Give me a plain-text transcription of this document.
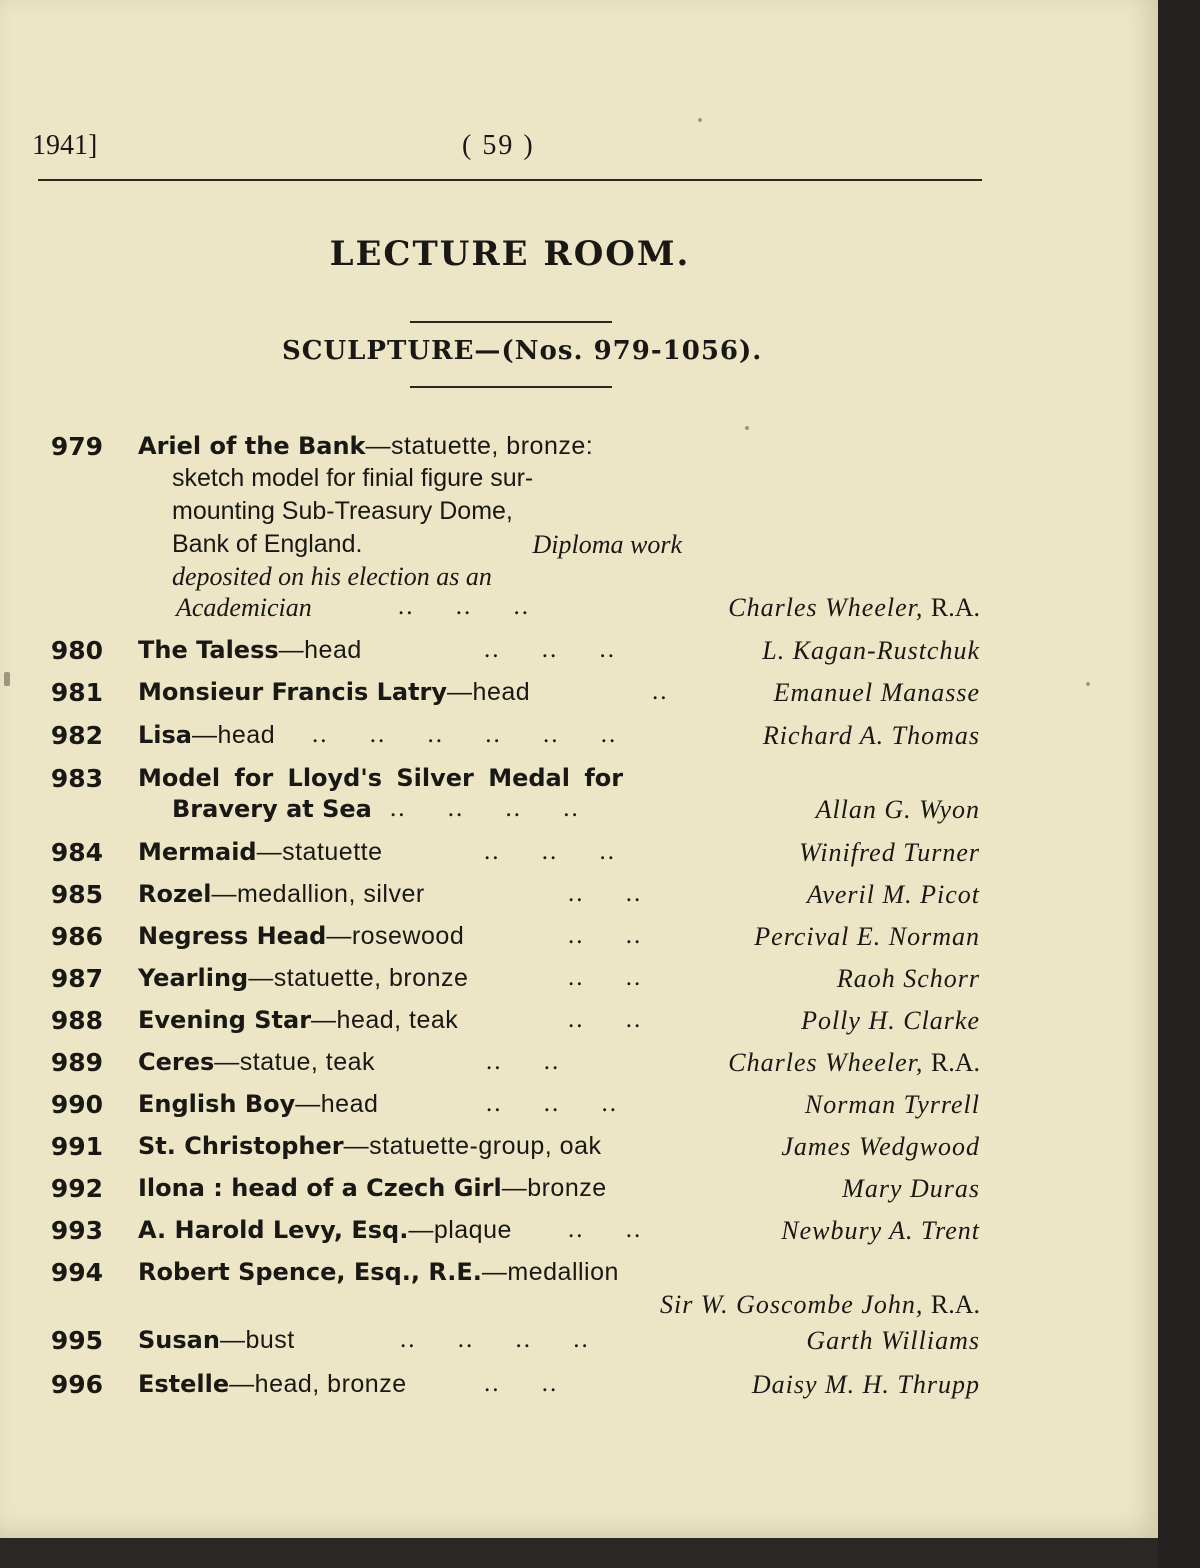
1941]	( 59 )
LECTURE ROOM.
SCULPTURE—(Nos. 979-1056).
979 Ariel of the Bank—statuette, bronze:
sketch model for finial figure sur-
mounting Sub-Treasury Dome,
Bank of England.	Diploma work
deposited on his election as an
Academician	.. .. ..	Charles Wheeler, R.A.
980 The Taless—head	.. .. ..	L. Kagan-Rustchuk
981 Monsieur Francis Latry—head	..	Emanuel Manasse
982 Lisa—head .. .. .. .. .. ..	Richard A. Thomas
983 Model for Lloyd's Silver Medal for
Bravery at Sea .. .. .. ..	Allan G. Wyon
984 Mermaid—statuette	.. .. ..	Winifred Turner
985 Rozel—medallion, silver	.. ..	Averil M. Picot
986 Negress Head—rosewood	.. ..	Percival E. Norman
987 Yearling—statuette, bronze	.. ..	Raoh Schorr
988 Evening Star—head, teak	.. ..	Polly H. Clarke
989 Ceres—statue, teak	.. ..	Charles Wheeler, R.A.
990 English Boy—head	.. .. ..	Norman Tyrrell
991 St. Christopher—statuette-group, oak	James Wedgwood
992 Ilona : head of a Czech Girl—bronze	Mary Duras
993 A. Harold Levy, Esq.—plaque .. ..	Newbury A. Trent
994 Robert Spence, Esq., R.E.—medallion
Sir W. Goscombe John, R.A.
995 Susan—bust	.. .. .. ..	Garth Williams
996 Estelle—head, bronze	.. ..	Daisy M. H. Thrupp
